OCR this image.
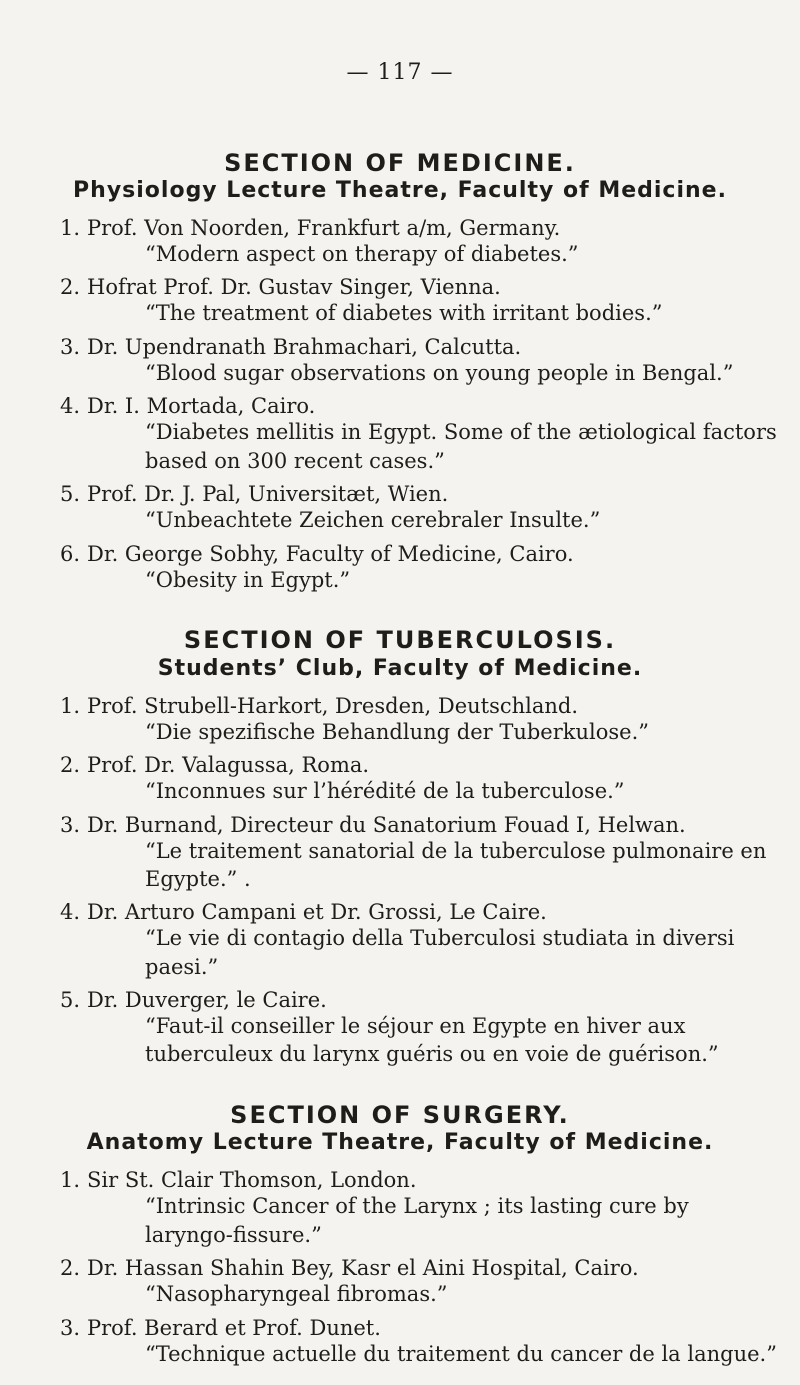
— 117 —
SECTION OF MEDICINE.
Physiology Lecture Theatre, Faculty of Medicine.
1. Prof. Von Noorden, Frankfurt a/m, Germany.
“Modern aspect on therapy of diabetes.”
2. Hofrat Prof. Dr. Gustav Singer, Vienna.
“The treatment of diabetes with irritant bodies.”
3. Dr. Upendranath Brahmachari, Calcutta.
“Blood sugar observations on young people in Bengal.”
4. Dr. I. Mortada, Cairo.
“Diabetes mellitis in Egypt. Some of the ætiological factors based on 300 recent cases.”
5. Prof. Dr. J. Pal, Universitæt, Wien.
“Unbeachtete Zeichen cerebraler Insulte.”
6. Dr. George Sobhy, Faculty of Medicine, Cairo.
“Obesity in Egypt.”
SECTION OF TUBERCULOSIS.
Students’ Club, Faculty of Medicine.
1. Prof. Strubell-Harkort, Dresden, Deutschland.
“Die spezifische Behandlung der Tuberkulose.”
2. Prof. Dr. Valagussa, Roma.
“Inconnues sur l’hérédité de la tuberculose.”
3. Dr. Burnand, Directeur du Sanatorium Fouad I, Helwan.
“Le traitement sanatorial de la tuberculose pulmonaire en Egypte.” .
4. Dr. Arturo Campani et Dr. Grossi, Le Caire.
“Le vie di contagio della Tuberculosi studiata in diversi paesi.”
5. Dr. Duverger, le Caire.
“Faut-il conseiller le séjour en Egypte en hiver aux tuberculeux du larynx guéris ou en voie de guérison.”
SECTION OF SURGERY.
Anatomy Lecture Theatre, Faculty of Medicine.
1. Sir St. Clair Thomson, London.
“Intrinsic Cancer of the Larynx ; its lasting cure by laryngo-fissure.”
2. Dr. Hassan Shahin Bey, Kasr el Aini Hospital, Cairo.
“Nasopharyngeal fibromas.”
3. Prof. Berard et Prof. Dunet.
“Technique actuelle du traitement du cancer de la langue.”
